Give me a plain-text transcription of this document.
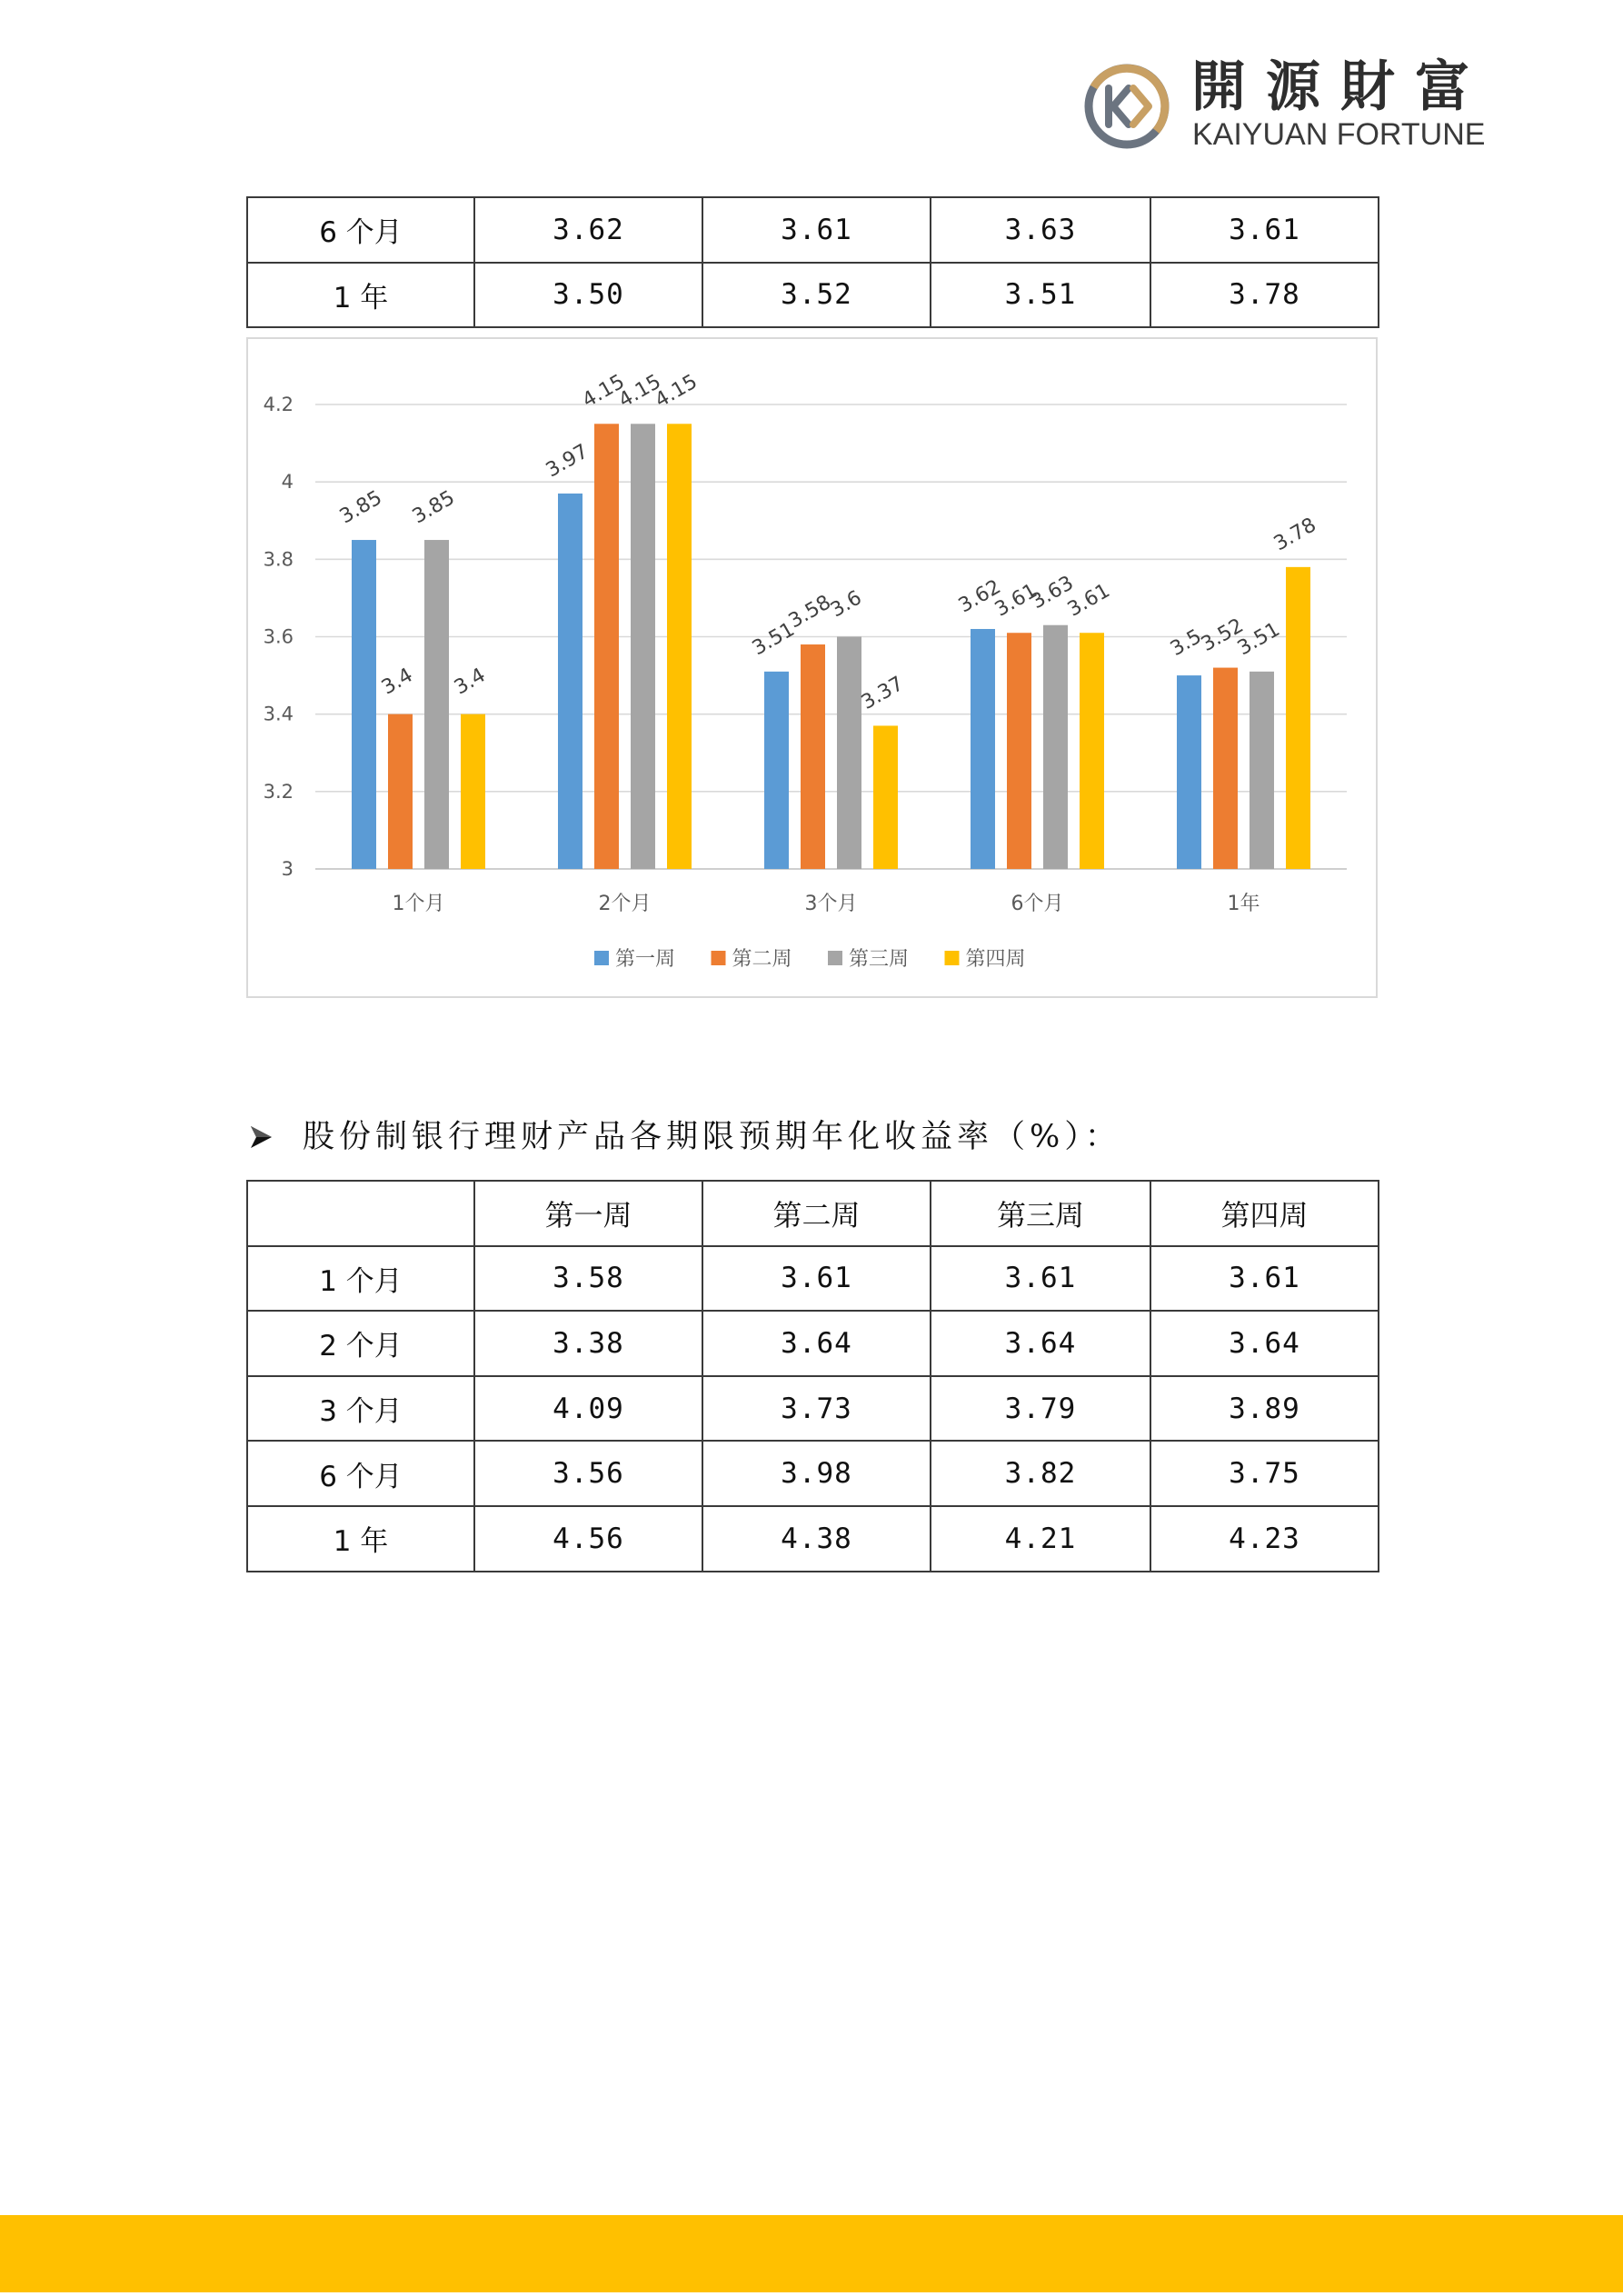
開源財富
KAIYUAN FORTUNE
6 个月	3.62	3.61	3.63	3.61
1 年	3.50	3.52	3.51	3.78
3
3.2
3.4
3.6
3.8
4
4.2
1个月
3.85
3.4
3.85
3.4
2个月
3.97
4.15
4.15
4.15
3个月
3.51
3.58
3.6
3.37
6个月
3.62
3.61
3.63
3.61
1年
3.5
3.52
3.51
3.78
第一周	第二周	第三周	第四周
股份制银行理财产品各期限预期年化收益率（%）：
	第一周	第二周	第三周	第四周
1 个月	3.58	3.61	3.61	3.61
2 个月	3.38	3.64	3.64	3.64
3 个月	4.09	3.73	3.79	3.89
6 个月	3.56	3.98	3.82	3.75
1 年	4.56	4.38	4.21	4.23
